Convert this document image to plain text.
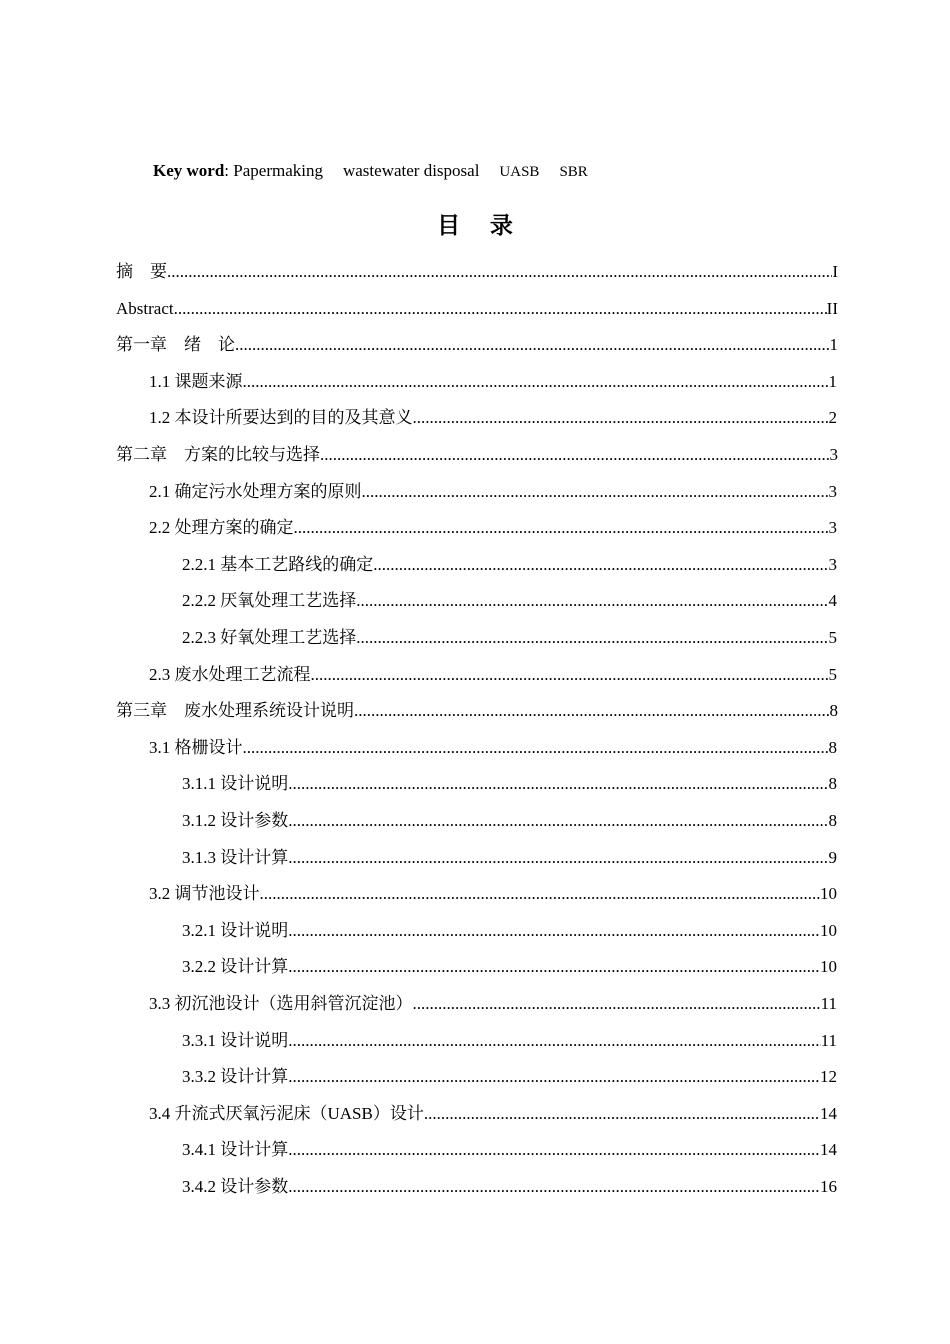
Key word: Papermaking wastewater disposal UASB SBR
目 录
摘　要 .....	I
Abstract .....	II
第一章　绪　论 .....	1
1.1 课题来源 .....	1
1.2 本设计所要达到的目的及其意义 .....	2
第二章　方案的比较与选择 .....	3
2.1 确定污水处理方案的原则 .....	3
2.2 处理方案的确定 .....	3
2.2.1 基本工艺路线的确定 .....	3
2.2.2 厌氧处理工艺选择 .....	4
2.2.3 好氧处理工艺选择 .....	5
2.3 废水处理工艺流程 .....	5
第三章　废水处理系统设计说明 .....	8
3.1 格栅设计 .....	8
3.1.1 设计说明 .....	8
3.1.2 设计参数 .....	8
3.1.3 设计计算 .....	9
3.2 调节池设计 .....	10
3.2.1 设计说明 .....	10
3.2.2 设计计算 .....	10
3.3 初沉池设计（选用斜管沉淀池） .....	11
3.3.1 设计说明 .....	11
3.3.2 设计计算 .....	12
3.4 升流式厌氧污泥床（UASB）设计 .....	14
3.4.1 设计计算 .....	14
3.4.2 设计参数 .....	16
